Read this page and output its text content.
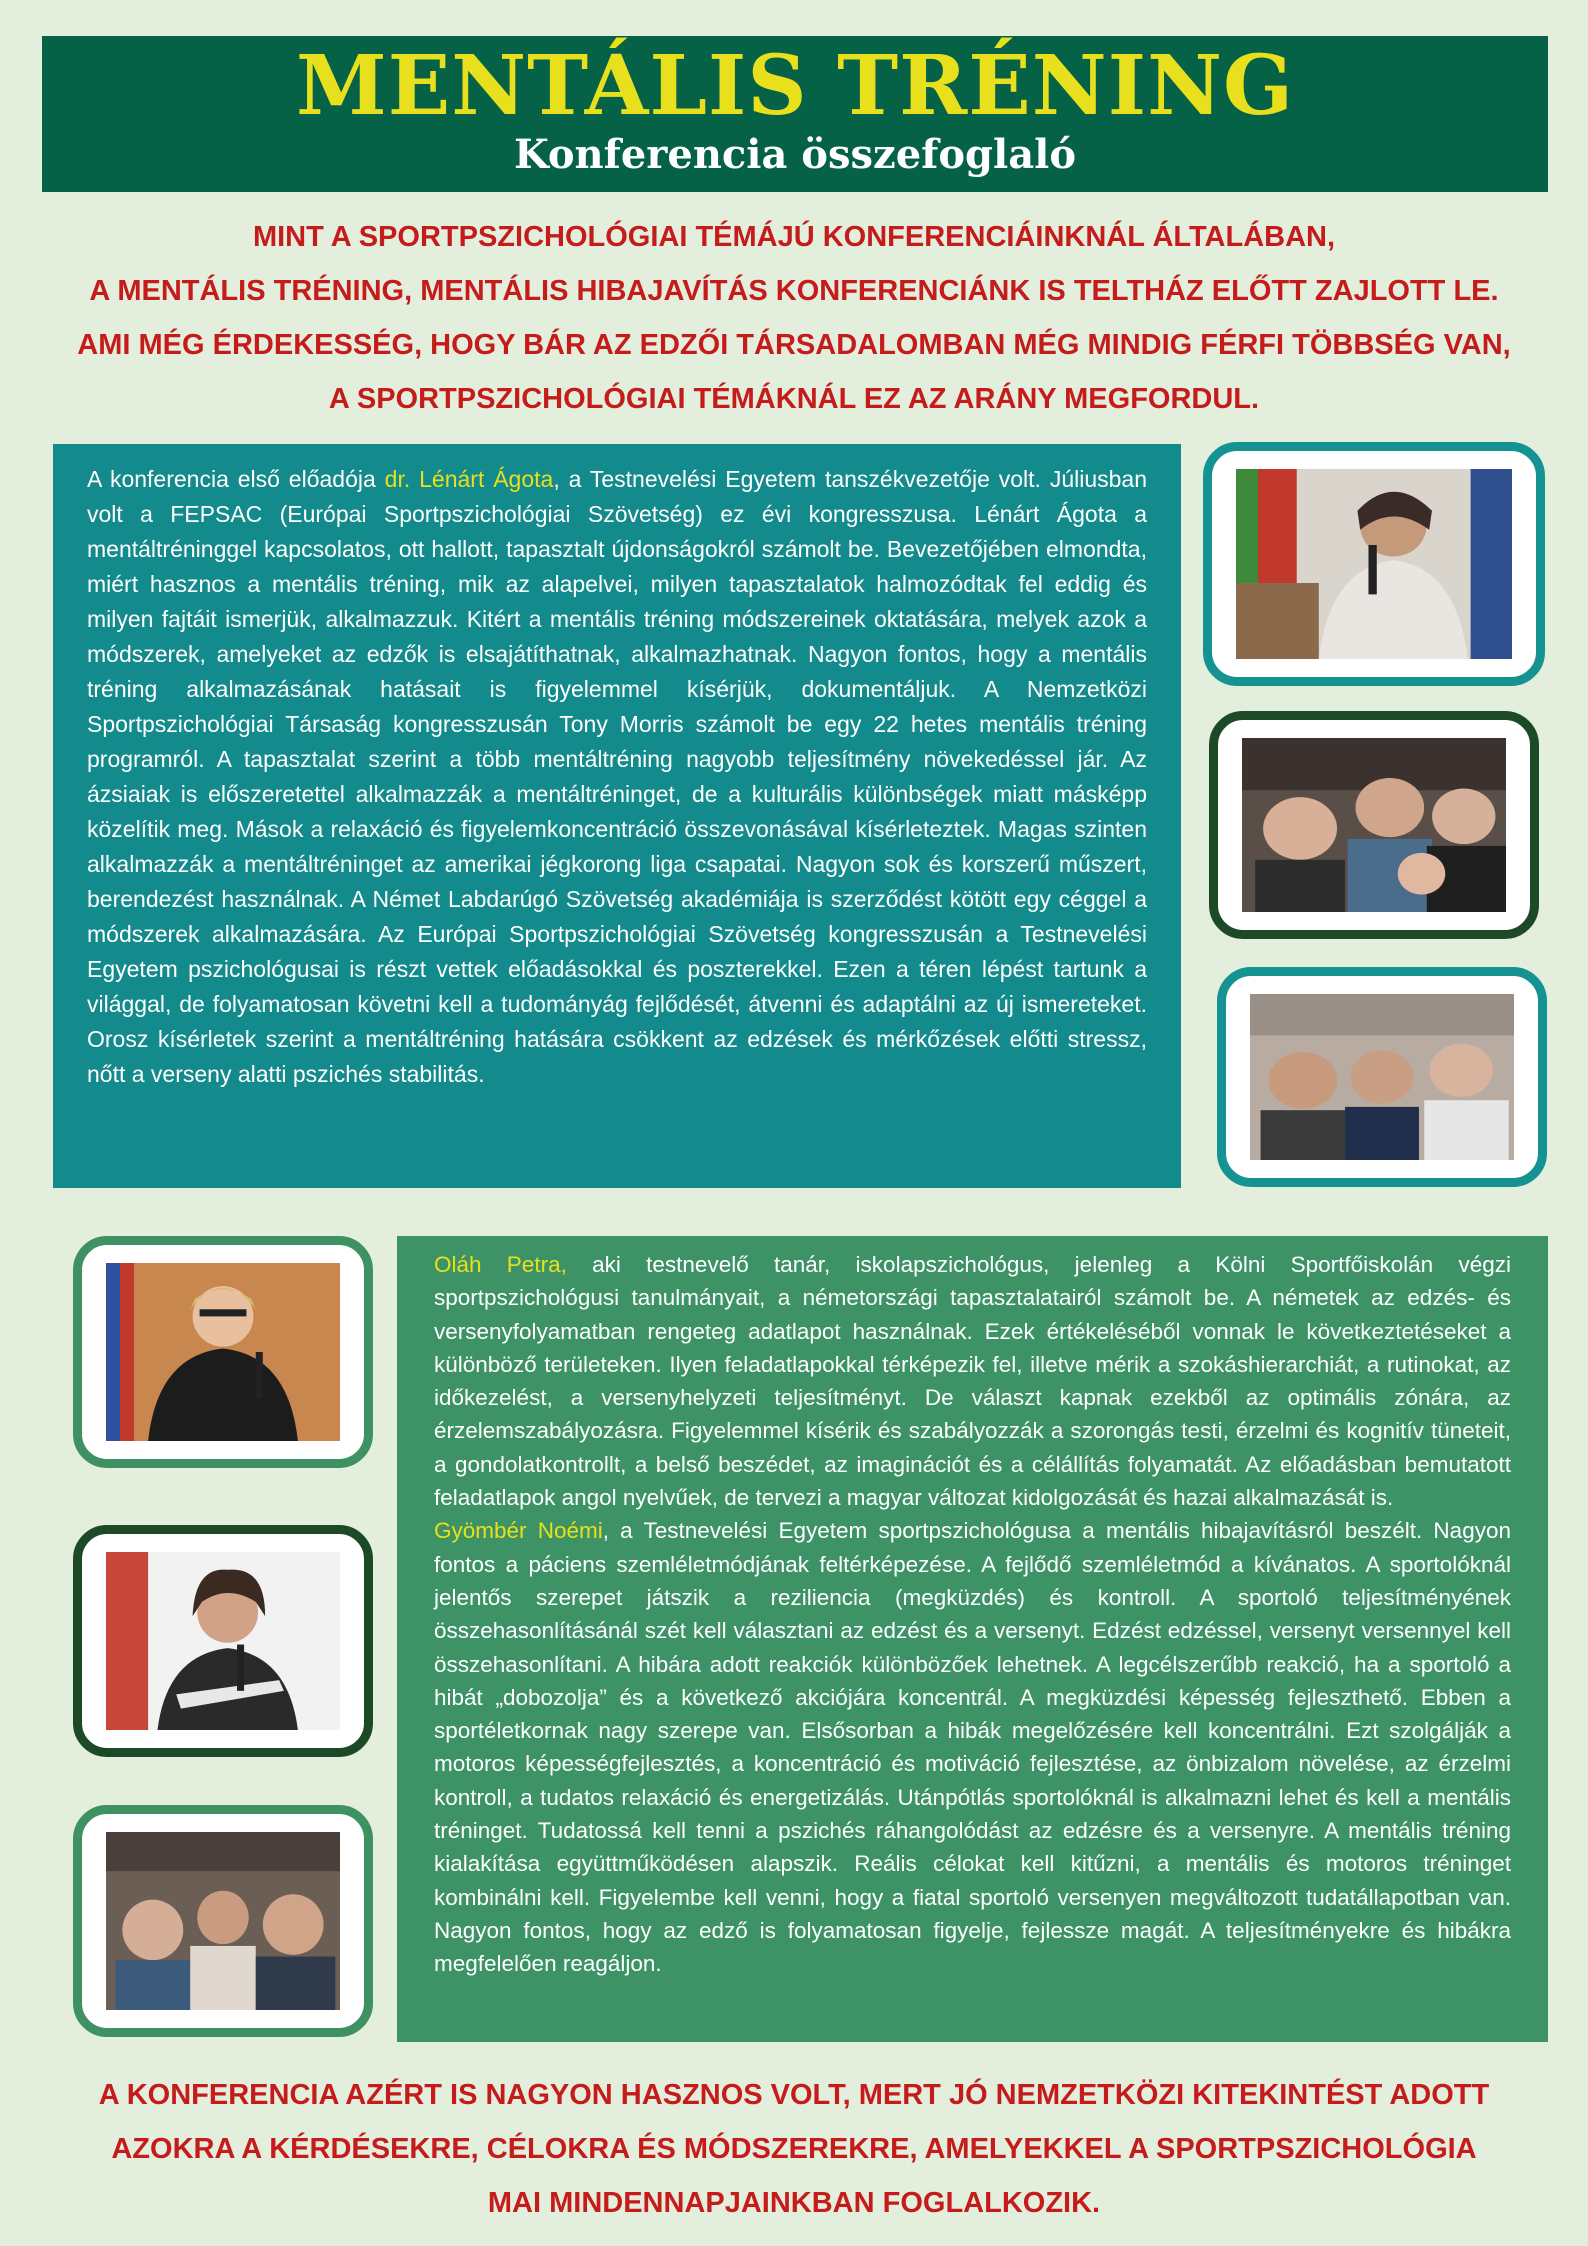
MENTÁLIS TRÉNING
Konferencia összefoglaló
MINT A SPORTPSZICHOLÓGIAI TÉMÁJÚ KONFERENCIÁINKNÁL ÁLTALÁBAN,
A MENTÁLIS TRÉNING, MENTÁLIS HIBAJAVÍTÁS KONFERENCIÁNK IS TELTHÁZ ELŐTT ZAJLOTT LE.
AMI MÉG ÉRDEKESSÉG, HOGY BÁR AZ EDZŐI TÁRSADALOMBAN MÉG MINDIG FÉRFI TÖBBSÉG VAN,
A SPORTPSZICHOLÓGIAI TÉMÁKNÁL EZ AZ ARÁNY MEGFORDUL.
A konferencia első előadója dr. Lénárt Ágota, a Testnevelési Egyetem tanszékvezetője volt. Júliusban volt a FEPSAC (Európai Sportpszichológiai Szövetség) ez évi kongresszusa. Lénárt Ágota a mentáltréninggel kapcsolatos, ott hallott, tapasztalt újdonságokról számolt be. Bevezetőjében elmondta, miért hasznos a mentális tréning, mik az alapelvei, milyen tapasztalatok halmozódtak fel eddig és milyen fajtáit ismerjük, alkalmazzuk. Kitért a mentális tréning módszereinek oktatására, melyek azok a módszerek, amelyeket az edzők is elsajátíthatnak, alkalmazhatnak. Nagyon fontos, hogy a mentális tréning alkalmazásának hatásait is figyelemmel kísérjük, dokumentáljuk. A Nemzetközi Sportpszichológiai Társaság kongresszusán Tony Morris számolt be egy 22 hetes mentális tréning programról. A tapasztalat szerint a több mentáltréning nagyobb teljesítmény növekedéssel jár. Az ázsiaiak is előszeretettel alkalmazzák a mentáltréninget, de a kulturális különbségek miatt másképp közelítik meg. Mások a relaxáció és figyelemkoncentráció összevonásával kísérleteztek. Magas szinten alkalmazzák a mentáltréninget az amerikai jégkorong liga csapatai. Nagyon sok és korszerű műszert, berendezést használnak. A Német Labdarúgó Szövetség akadémiája is szerződést kötött egy céggel a módszerek alkalmazására. Az Európai Sportpszichológiai Szövetség kongresszusán a Testnevelési Egyetem pszichológusai is részt vettek előadásokkal és poszterekkel. Ezen a téren lépést tartunk a világgal, de folyamatosan követni kell a tudományág fejlődését, átvenni és adaptálni az új ismereteket. Orosz kísérletek szerint a mentáltréning hatására csökkent az edzések és mérkőzések előtti stressz, nőtt a verseny alatti pszichés stabilitás.
Oláh Petra, aki testnevelő tanár, iskolapszichológus, jelenleg a Kölni Sportfőiskolán végzi sportpszichológusi tanulmányait, a németországi tapasztalatairól számolt be. A németek az edzés- és versenyfolyamatban rengeteg adatlapot használnak. Ezek értékeléséből vonnak le következtetéseket a különböző területeken. Ilyen feladatlapokkal térképezik fel, illetve mérik a szokáshierarchiát, a rutinokat, az időkezelést, a versenyhelyzeti teljesítményt. De választ kapnak ezekből az optimális zónára, az érzelemszabályozásra. Figyelemmel kísérik és szabályozzák a szorongás testi, érzelmi és kognitív tüneteit, a gondolatkontrollt, a belső beszédet, az imaginációt és a célállítás folyamatát. Az előadásban bemutatott feladatlapok angol nyelvűek, de tervezi a magyar változat kidolgozását és hazai alkalmazását is.
Gyömbér Noémi, a Testnevelési Egyetem sportpszichológusa a mentális hibajavításról beszélt. Nagyon fontos a páciens szemléletmódjának feltérképezése. A fejlődő szemléletmód a kívánatos. A sportolóknál jelentős szerepet játszik a reziliencia (megküzdés) és kontroll. A sportoló teljesítményének összehasonlításánál szét kell választani az edzést és a versenyt. Edzést edzéssel, versenyt versennyel kell összehasonlítani. A hibára adott reakciók különbözőek lehetnek. A legcélszerűbb reakció, ha a sportoló a hibát „dobozolja” és a következő akciójára koncentrál. A megküzdési képesség fejleszthető. Ebben a sportéletkornak nagy szerepe van. Elsősorban a hibák megelőzésére kell koncentrálni. Ezt szolgálják a motoros képességfejlesztés, a koncentráció és motiváció fejlesztése, az önbizalom növelése, az érzelmi kontroll, a tudatos relaxáció és energetizálás. Utánpótlás sportolóknál is alkalmazni lehet és kell a mentális tréninget. Tudatossá kell tenni a pszichés ráhangolódást az edzésre és a versenyre. A mentális tréning kialakítása együttműködésen alapszik. Reális célokat kell kitűzni, a mentális és motoros tréninget kombinálni kell. Figyelembe kell venni, hogy a fiatal sportoló versenyen megváltozott tudatállapotban van. Nagyon fontos, hogy az edző is folyamatosan figyelje, fejlessze magát. A teljesítményekre és hibákra megfelelően reagáljon.
A KONFERENCIA AZÉRT IS NAGYON HASZNOS VOLT, MERT JÓ NEMZETKÖZI KITEKINTÉST ADOTT
AZOKRA A KÉRDÉSEKRE, CÉLOKRA ÉS MÓDSZEREKRE, AMELYEKKEL A SPORTPSZICHOLÓGIA
MAI MINDENNAPJAINKBAN FOGLALKOZIK.
